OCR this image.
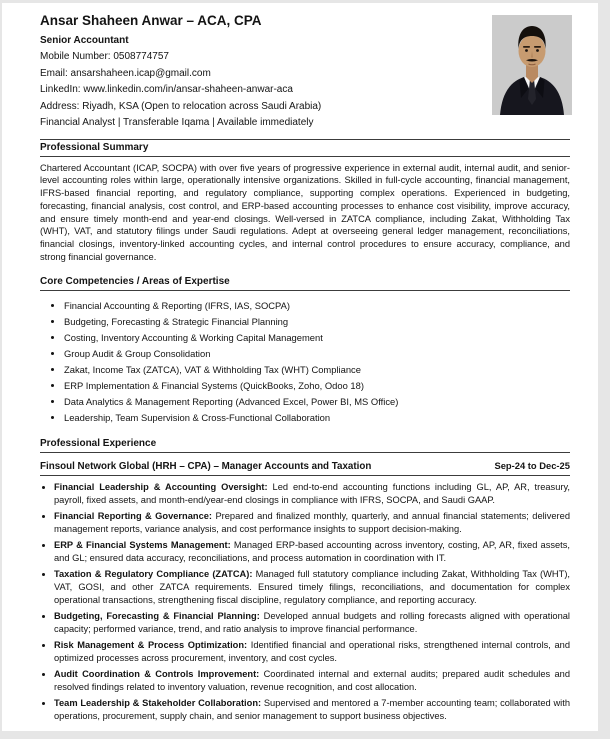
Ansar Shaheen Anwar – ACA, CPA
Senior Accountant
Mobile Number: 0508774757
Email: ansarshaheen.icap@gmail.com
LinkedIn: www.linkedin.com/in/ansar-shaheen-anwar-aca
Address: Riyadh, KSA (Open to relocation across Saudi Arabia)
Financial Analyst | Transferable Iqama | Available immediately
Professional Summary

Chartered Accountant (ICAP, SOCPA) with over five years of progressive experience in external audit, internal audit, and senior-level accounting roles within large, operationally intensive organizations. Skilled in full-cycle accounting, financial management, IFRS-based financial reporting, and regulatory compliance, supporting complex operations. Experienced in budgeting, forecasting, financial analysis, cost control, and ERP-based accounting processes to enhance cost visibility, improve accuracy, and ensure timely month-end and year-end closings. Well-versed in ZATCA compliance, including Zakat, Withholding Tax (WHT), VAT, and statutory filings under Saudi regulations. Adept at overseeing general ledger management, reconciliations, financial closings, inventory-linked accounting cycles, and internal control procedures to ensure accuracy, compliance, and strong financial governance.

Core Competencies / Areas of Expertise
• Financial Accounting & Reporting (IFRS, IAS, SOCPA)
• Budgeting, Forecasting & Strategic Financial Planning
• Costing, Inventory Accounting & Working Capital Management
• Group Audit & Group Consolidation
• Zakat, Income Tax (ZATCA), VAT & Withholding Tax (WHT) Compliance
• ERP Implementation & Financial Systems (QuickBooks, Zoho, Odoo 18)
• Data Analytics & Management Reporting (Advanced Excel, Power BI, MS Office)
• Leadership, Team Supervision & Cross-Functional Collaboration
Professional Experience
Finsoul Network Global (HRH – CPA) – Manager Accounts and Taxation	Sep-24 to Dec-25
• Financial Leadership & Accounting Oversight: Led end-to-end accounting functions including GL, AP, AR, treasury, payroll, fixed assets, and month-end/year-end closings in compliance with IFRS, SOCPA, and Saudi GAAP.
• Financial Reporting & Governance: Prepared and finalized monthly, quarterly, and annual financial statements; delivered management reports, variance analysis, and cost performance insights to support decision-making.
• ERP & Financial Systems Management: Managed ERP-based accounting across inventory, costing, AP, AR, fixed assets, and GL; ensured data accuracy, reconciliations, and process automation in coordination with IT.
• Taxation & Regulatory Compliance (ZATCA): Managed full statutory compliance including Zakat, Withholding Tax (WHT), VAT, GOSI, and other ZATCA requirements. Ensured timely filings, reconciliations, and documentation for complex operational transactions, strengthening fiscal discipline, regulatory compliance, and reporting accuracy.
• Budgeting, Forecasting & Financial Planning: Developed annual budgets and rolling forecasts aligned with operational capacity; performed variance, trend, and ratio analysis to improve financial performance.
• Risk Management & Process Optimization: Identified financial and operational risks, strengthened internal controls, and optimized processes across procurement, inventory, and cost cycles.
• Audit Coordination & Controls Improvement: Coordinated internal and external audits; prepared audit schedules and resolved findings related to inventory valuation, revenue recognition, and cost allocation.
• Team Leadership & Stakeholder Collaboration: Supervised and mentored a 7-member accounting team; collaborated with operations, procurement, supply chain, and senior management to support business objectives.
